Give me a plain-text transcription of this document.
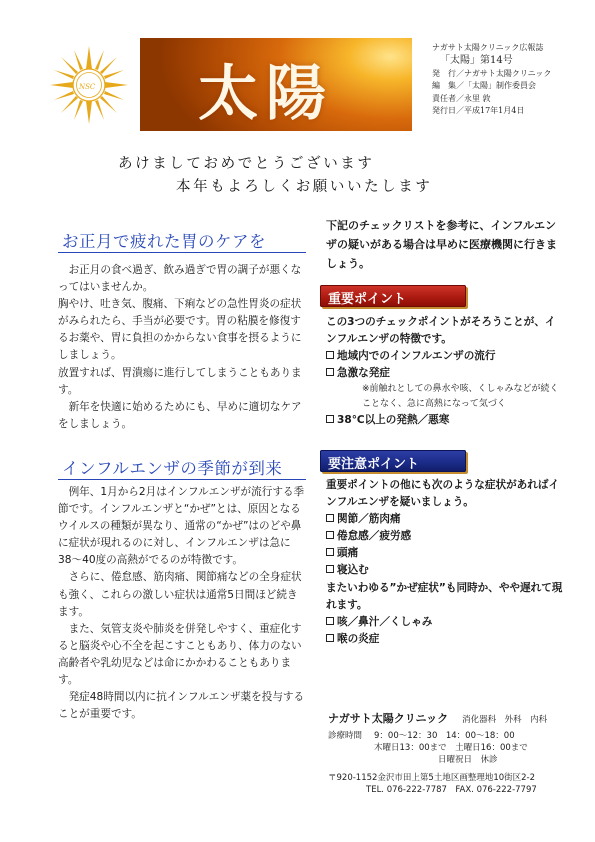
NSC 太陽
ナガサト太陽クリニック広報誌
「太陽」第14号
発　行／ナガサト太陽クリニック
編　集／「太陽」制作委員会
責任者／永里 敦
発行日／平成17年1月4日
あけましておめでとうございます
本年もよろしくお願いいたします
お正月で疲れた胃のケアを

お正月の食べ過ぎ、飲み過ぎで胃の調子が悪くなってはいませんか。

胸やけ、吐き気、腹痛、下痢などの急性胃炎の症状がみられたら、手当が必要です。胃の粘膜を修復するお薬や、胃に負担のかからない食事を摂るようにしましょう。

放置すれば、胃潰瘍に進行してしまうこともあります。

新年を快適に始めるためにも、早めに適切なケアをしましょう。

インフルエンザの季節が到来

例年、1月から2月はインフルエンザが流行する季節です。インフルエンザと“かぜ”とは、原因となるウイルスの種類が異なり、通常の“かぜ”はのどや鼻に症状が現れるのに対し、インフルエンザは急に38〜40度の高熱がでるのが特徴です。

さらに、倦怠感、筋肉痛、関節痛などの全身症状も強く、これらの激しい症状は通常5日間ほど続きます。

また、気管支炎や肺炎を併発しやすく、重症化すると脳炎や心不全を起こすこともあり、体力のない高齢者や乳幼児などは命にかかわることもあります。

発症48時間以内に抗インフルエンザ薬を投与することが重要です。

下記のチェックリストを参考に、インフルエンザの疑いがある場合は早めに医療機関に行きましょう。
重要ポイント
この3つのチェックポイントがそろうことが、インフルエンザの特徴です。
地域内でのインフルエンザの流行
急激な発症
※前触れとしての鼻水や咳、くしゃみなどが続くことなく、急に高熱になって気づく
38℃以上の発熱／悪寒
要注意ポイント
重要ポイントの他にも次のような症状があればインフルエンザを疑いましょう。
関節／筋肉痛
倦怠感／疲労感
頭痛
寝込む
またいわゆる”かぜ症状”も同時か、やや遅れて現れます。
咳／鼻汁／くしゃみ
喉の炎症
ナガサト太陽クリニック 消化器科　外科　内科
診療時間	9：00〜12：30　14：00〜18：00
木曜日13：00まで　土曜日16：00まで
日曜祝日　休診
〒920-1152金沢市田上第5土地区画整理地10街区2-2
TEL. 076-222-7787　FAX. 076-222-7797
